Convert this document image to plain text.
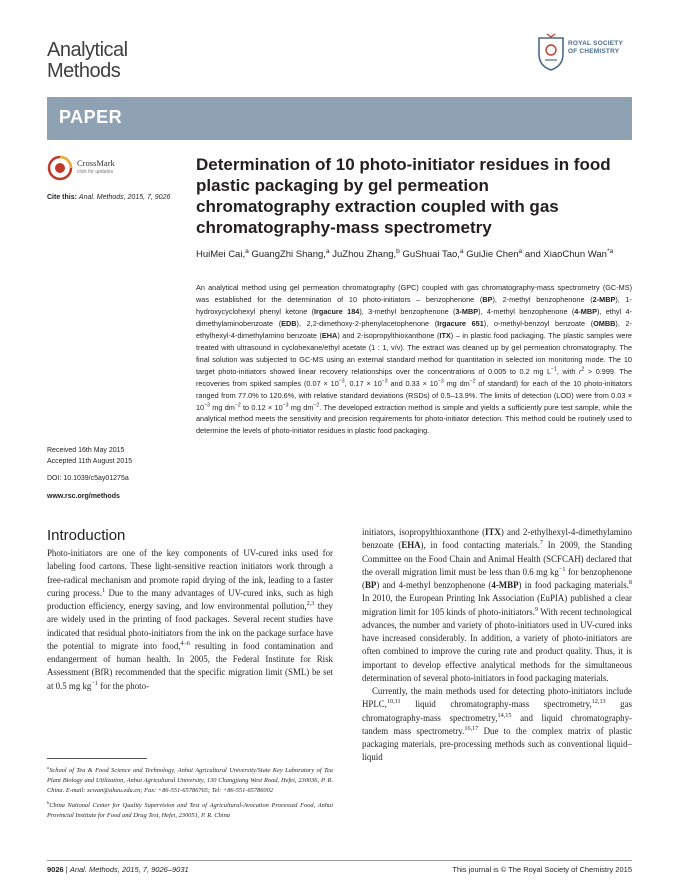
Analytical
Methods
ROYAL SOCIETY
OF CHEMISTRY
PAPER
CrossMark
click for updates
Cite this: Anal. Methods, 2015, 7, 9026
Received 16th May 2015
Accepted 11th August 2015
DOI: 10.1039/c5ay01275a
www.rsc.org/methods
Determination of 10 photo-initiator residues in food plastic packaging by gel permeation chromatography extraction coupled with gas chromatography-mass spectrometry
HuiMei Cai,$^a$ GuangZhi Shang,$^a$ JuZhou Zhang,$^b$ GuShuai Tao,$^a$ GuiJie Chen$^a$ and XiaoChun Wan$^{*a}$
An analytical method using gel permeation chromatography (GPC) coupled with gas chromatography-mass spectrometry (GC-MS) was established for the determination of 10 photo-initiators – benzophenone (BP), 2-methyl benzophenone (2-MBP), 1-hydroxycyclohexyl phenyl ketone (Irgacure 184), 3-methyl benzophenone (3-MBP), 4-methyl benzophenone (4-MBP), ethyl 4-dimethylaminobenzoate (EDB), 2,2-dimethoxy-2-phenylacetophenone (Irgacure 651), o-methyl-benzoyl benzoate (OMBB), 2-ethylhexyl-4-dimethylamino benzoate (EHA) and 2-isopropylthioxanthone (ITX) – in plastic food packaging. The plastic samples were treated with ultrasound in cyclohexane/ethyl acetate (1 : 1, v/v). The extract was cleaned up by gel permeation chromatography. The final solution was subjected to GC-MS using an external standard method for quantitation in selected ion monitoring mode. The 10 target photo-initiators showed linear recovery relationships over the concentrations of 0.005 to 0.2 mg $L^{-1}$, with $r^2 > 0.999$. The recoveries from spiked samples ($0.07 \times 10^{-3}$, $0.17 \times 10^{-3}$ and $0.33 \times 10^{-3}$ mg $dm^{-2}$ of standard) for each of the 10 photo-initiators ranged from 77.0% to 120.6%, with relative standard deviations (RSDs) of 0.5–13.9%. The limits of detection (LOD) were from $0.03 \times 10^{-3}$ mg $dm^{-2}$ to $0.12 \times 10^{-3}$ mg $dm^{-2}$. The developed extraction method is simple and yields a sufficiently pure test sample, while the analytical method meets the sensitivity and precision requirements for photo-initiator detection. This method could be routinely used to determine the levels of photo-initiator residues in plastic food packaging.
Introduction

Photo-initiators are one of the key components of UV-cured inks used for labeling food cartons. These light-sensitive reaction initiators work through a free-radical mechanism and promote rapid drying of the ink, leading to a faster curing process.$^1$ Due to the many advantages of UV-cured inks, such as high production efficiency, energy saving, and low environmental pollution,$^{2,3}$ they are widely used in the printing of food packages. Several recent studies have indicated that residual photo-initiators from the ink on the package surface have the potential to migrate into food,$^{4-6}$ resulting in food contamination and endangerment of human health. In 2005, the Federal Institute for Risk Assessment (BfR) recommended that the specific migration limit (SML) be set at 0.5 mg $kg^{-1}$ for the photo-

initiators, isopropylthioxanthone (ITX) and 2-ethylhexyl-4-dimethylamino benzoate (EHA), in food contacting materials.$^7$ In 2009, the Standing Committee on the Food Chain and Animal Health (SCFCAH) declared that the overall migration limit must be less than 0.6 mg $kg^{-1}$ for benzophenone (BP) and 4-methyl benzophenone (4-MBP) in food packaging materials.$^8$ In 2010, the European Printing Ink Association (EuPIA) published a clear migration limit for 105 kinds of photo-initiators.$^9$ With recent technological advances, the number and variety of photo-initiators used in UV-cured inks have increased considerably. In addition, a variety of photo-initiators are often combined to improve the curing rate and product quality. Thus, it is important to develop effective analytical methods for the simultaneous determination of several photo-initiators in food packaging materials.

Currently, the main methods used for detecting photo-initiators include HPLC,$^{10,11}$ liquid chromatography-mass spectrometry,$^{12,13}$ gas chromatography-mass spectrometry,$^{14,15}$ and liquid chromatography-tandem mass spectrometry.$^{16,17}$ Due to the complex matrix of plastic packaging materials, pre-processing methods such as conventional liquid–liquid

$^a$School of Tea & Food Science and Technology, Anhui Agricultural University/State Key Laboratory of Tea Plant Biology and Utilization, Anhui Agricultural University, 130 Changjiang West Road, Hefei, 230036, P. R. China. E-mail: xcwan@ahau.edu.cn; Fax: +86-551-65786765; Tel: +86-551-65786002

$^b$China National Center for Quality Supervision and Test of Agricultural-Avocation Processed Food, Anhui Provincial Institute for Food and Drug Test, Hefei, 230051, P. R. China

9026 | Anal. Methods, 2015, 7, 9026–9031	This journal is © The Royal Society of Chemistry 2015
